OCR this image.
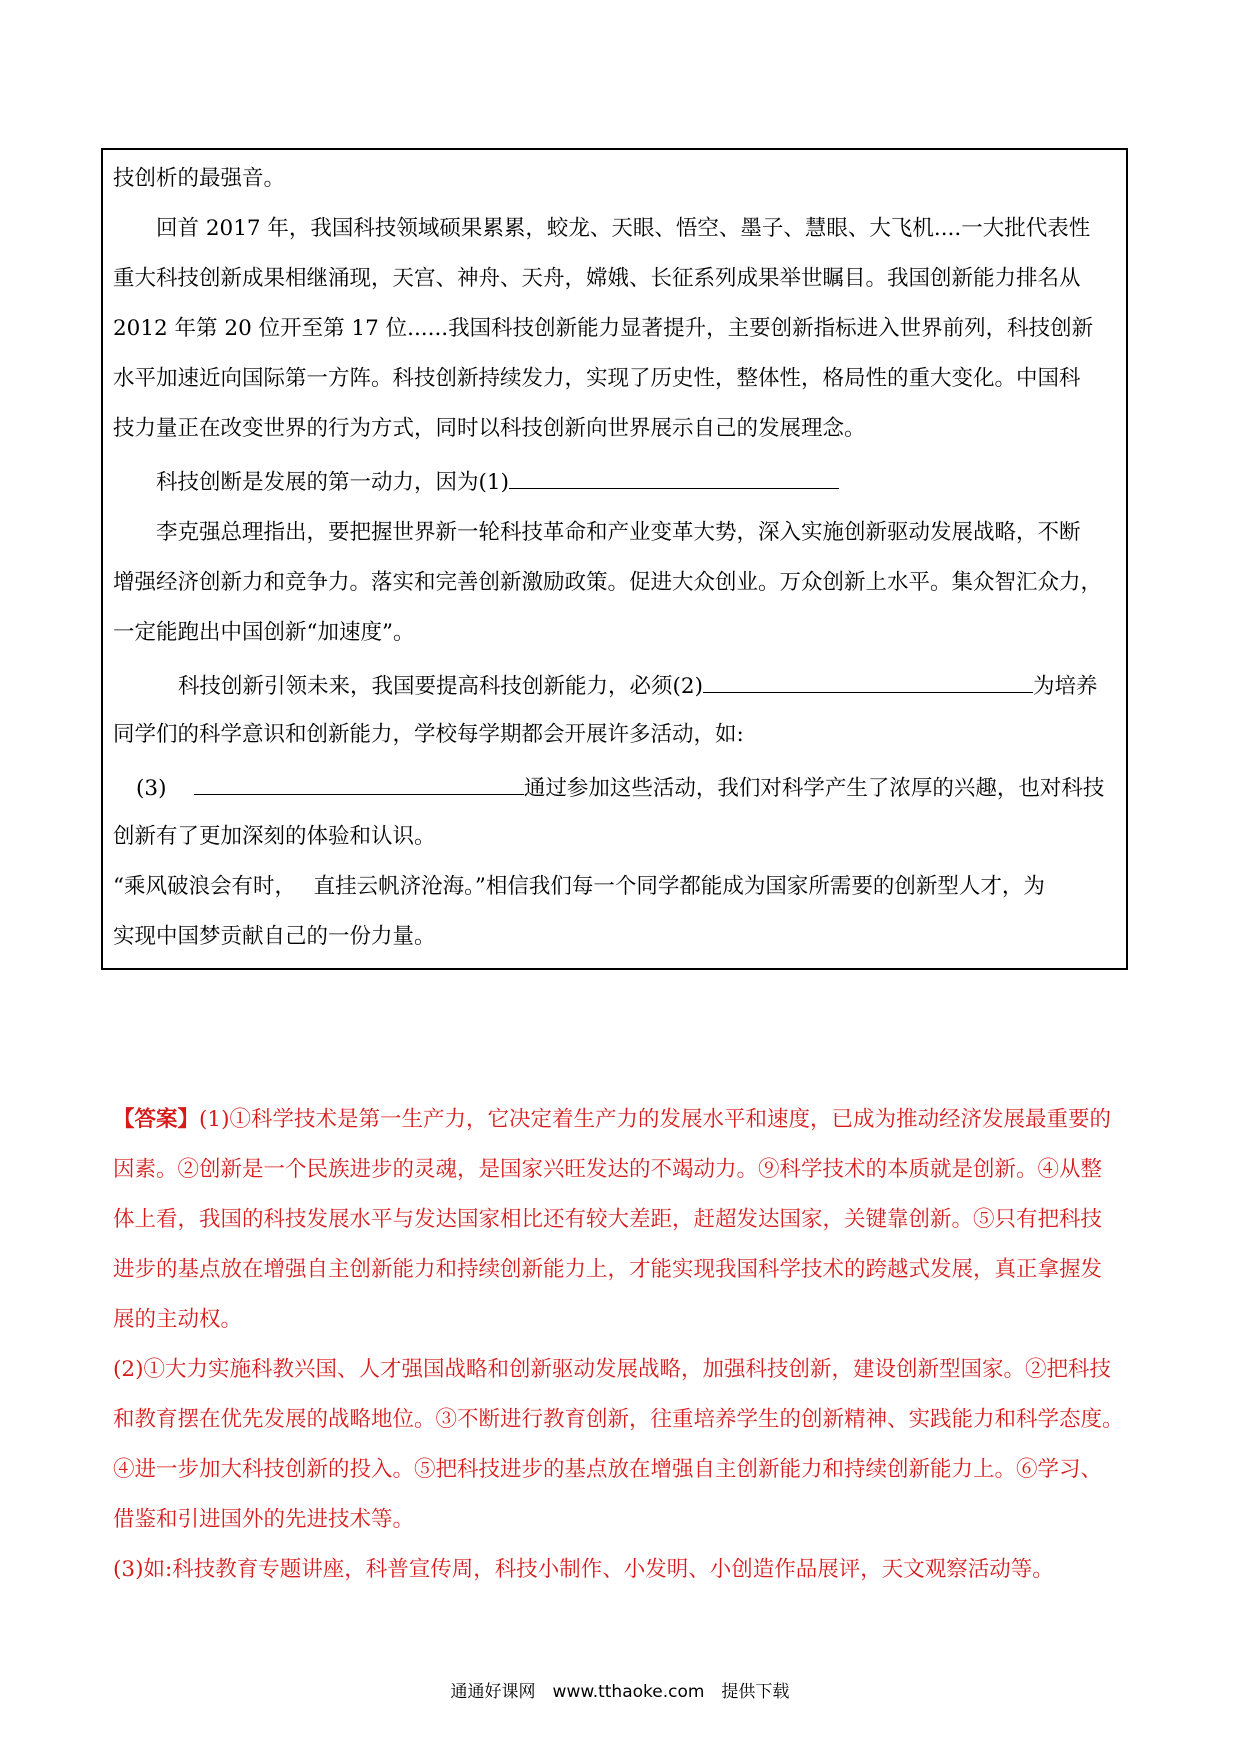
技创析的最强音。
回首 2017 年，我国科技领域硕果累累，蛟龙、天眼、悟空、墨子、慧眼、大飞机....一大批代表性
重大科技创新成果相继涌现，天宫、神舟、天舟，嫦娥、长征系列成果举世瞩目。我国创新能力排名从
2012 年第 20 位开至第 17 位......我国科技创新能力显著提升，主要创新指标进入世界前列，科技创新
水平加速近向国际第一方阵。科技创新持续发力，实现了历史性，整体性，格局性的重大变化。中国科
技力量正在改变世界的行为方式，同时以科技创新向世界展示自己的发展理念。
科技创断是发展的第一动力，因为(1)
李克强总理指出，要把握世界新一轮科技革命和产业变革大势，深入实施创新驱动发展战略，不断
增强经济创新力和竞争力。落实和完善创新激励政策。促进大众创业。万众创新上水平。集众智汇众力，
一定能跑出中国创新“加速度”。
科技创新引领未来，我国要提高科技创新能力，必须(2)	为培养
同学们的科学意识和创新能力，学校每学期都会开展许多活动，如:
(3)	通过参加这些活动，我们对科学产生了浓厚的兴趣，也对科技
创新有了更加深刻的体验和认识。
“乘风破浪会有时，　 直挂云帆济沧海。”相信我们每一个同学都能成为国家所需要的创新型人才，为
实现中国梦贡献自己的一份力量。
【答案】(1)①科学技术是第一生产力，它决定着生产力的发展水平和速度，已成为推动经济发展最重要的
因素。②创新是一个民族进步的灵魂，是国家兴旺发达的不竭动力。⑨科学技术的本质就是创新。④从整
体上看，我国的科技发展水平与发达国家相比还有较大差距，赶超发达国家，关键靠创新。⑤只有把科技
进步的基点放在增强自主创新能力和持续创新能力上，才能实现我国科学技术的跨越式发展，真正拿握发
展的主动权。
(2)①大力实施科教兴国、人才强国战略和创新驱动发展战略，加强科技创新，建设创新型国家。②把科技
和教育摆在优先发展的战略地位。③不断进行教育创新，往重培养学生的创新精神、实践能力和科学态度。
④进一步加大科技创新的投入。⑤把科技进步的基点放在增强自主创新能力和持续创新能力上。⑥学习、
借鉴和引进国外的先进技术等。
(3)如:科技教育专题讲座，科普宣传周，科技小制作、小发明、小创造作品展评，天文观察活动等。
通通好课网　www.tthaoke.com　提供下载
